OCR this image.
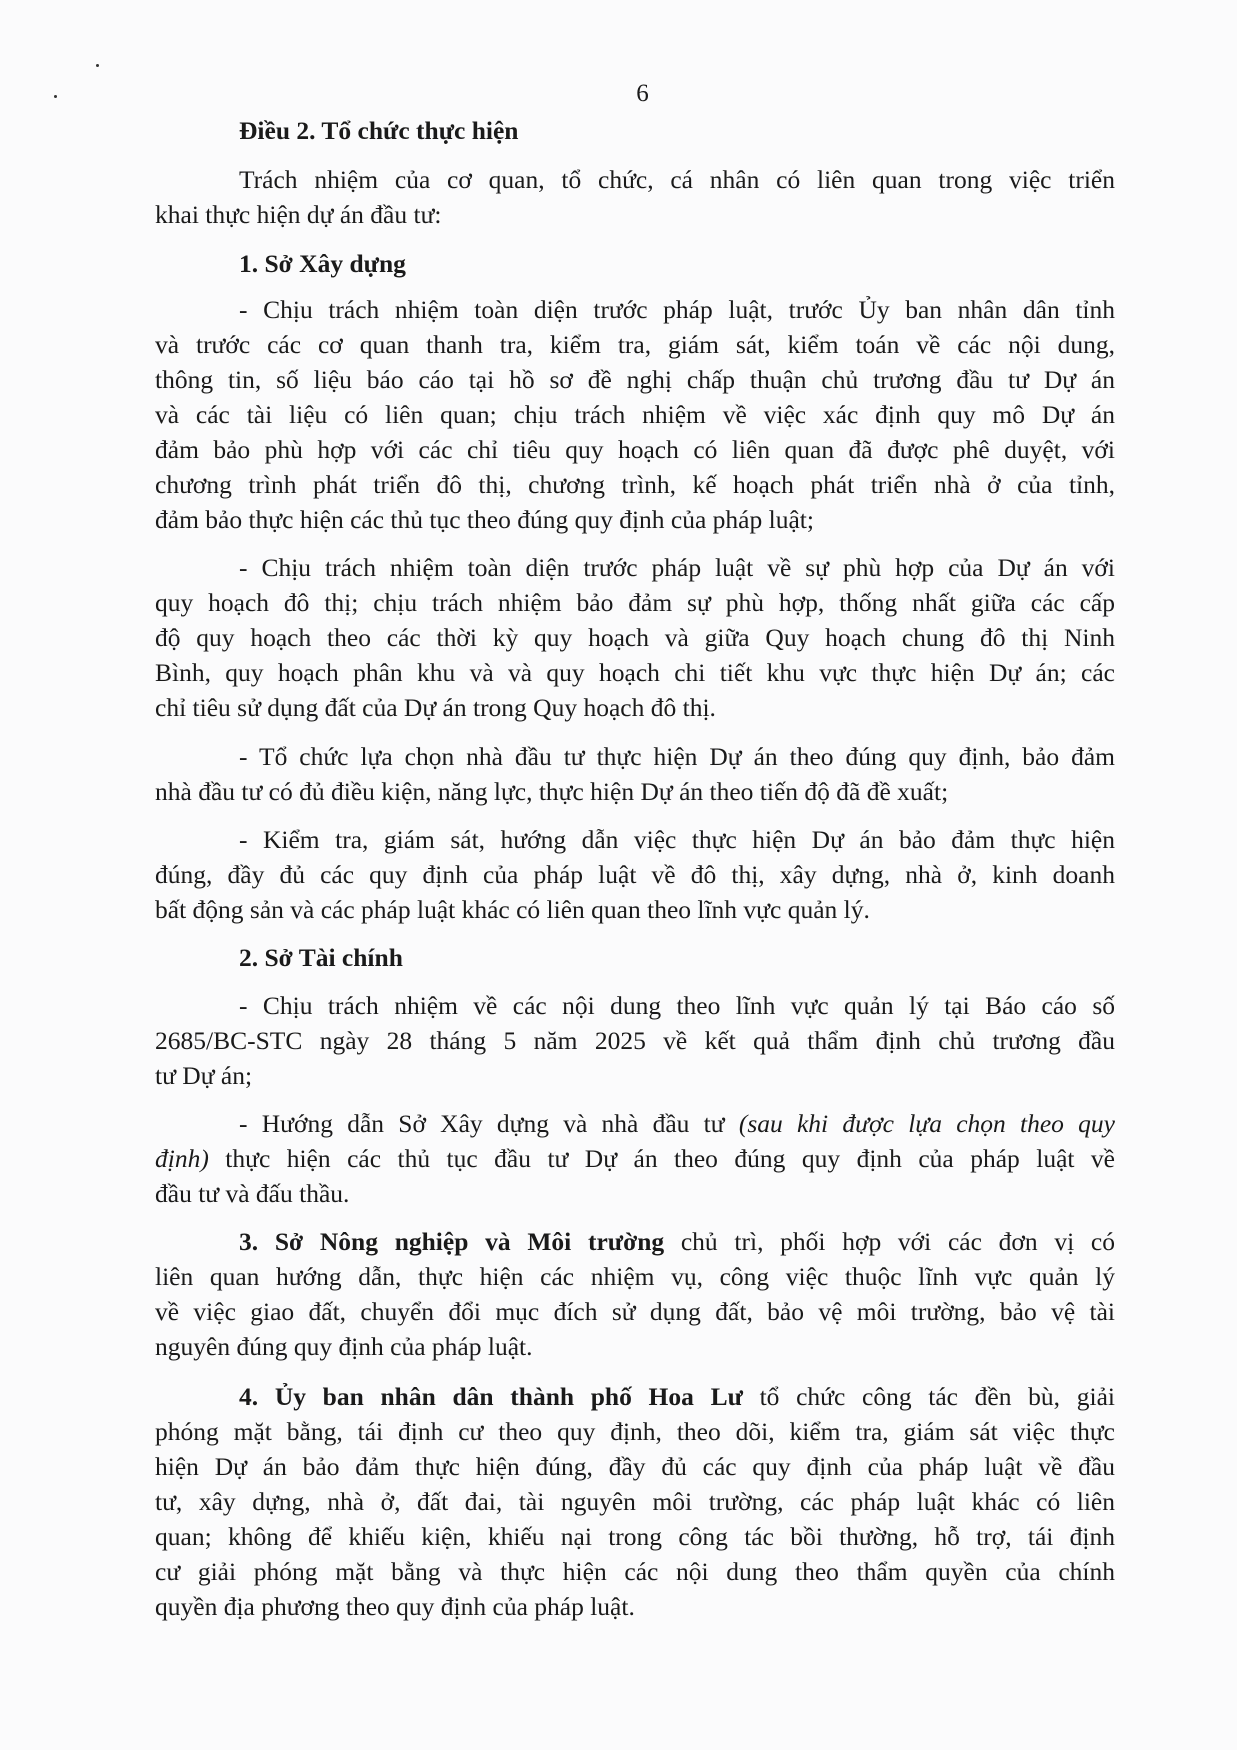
6
Điều 2. Tổ chức thực hiện
Trách nhiệm của cơ quan, tổ chức, cá nhân có liên quan trong việc triển
khai thực hiện dự án đầu tư:
1. Sở Xây dựng
- Chịu trách nhiệm toàn diện trước pháp luật, trước Ủy ban nhân dân tỉnh
và trước các cơ quan thanh tra, kiểm tra, giám sát, kiểm toán về các nội dung,
thông tin, số liệu báo cáo tại hồ sơ đề nghị chấp thuận chủ trương đầu tư Dự án
và các tài liệu có liên quan; chịu trách nhiệm về việc xác định quy mô Dự án
đảm bảo phù hợp với các chỉ tiêu quy hoạch có liên quan đã được phê duyệt, với
chương trình phát triển đô thị, chương trình, kế hoạch phát triển nhà ở của tỉnh,
đảm bảo thực hiện các thủ tục theo đúng quy định của pháp luật;
- Chịu trách nhiệm toàn diện trước pháp luật về sự phù hợp của Dự án với
quy hoạch đô thị; chịu trách nhiệm bảo đảm sự phù hợp, thống nhất giữa các cấp
độ quy hoạch theo các thời kỳ quy hoạch và giữa Quy hoạch chung đô thị Ninh
Bình, quy hoạch phân khu và và quy hoạch chi tiết khu vực thực hiện Dự án; các
chỉ tiêu sử dụng đất của Dự án trong Quy hoạch đô thị.
- Tổ chức lựa chọn nhà đầu tư thực hiện Dự án theo đúng quy định, bảo đảm
nhà đầu tư có đủ điều kiện, năng lực, thực hiện Dự án theo tiến độ đã đề xuất;
- Kiểm tra, giám sát, hướng dẫn việc thực hiện Dự án bảo đảm thực hiện
đúng, đầy đủ các quy định của pháp luật về đô thị, xây dựng, nhà ở, kinh doanh
bất động sản và các pháp luật khác có liên quan theo lĩnh vực quản lý.
2. Sở Tài chính
- Chịu trách nhiệm về các nội dung theo lĩnh vực quản lý tại Báo cáo số
2685/BC-STC ngày 28 tháng 5 năm 2025 về kết quả thẩm định chủ trương đầu
tư Dự án;
- Hướng dẫn Sở Xây dựng và nhà đầu tư (sau khi được lựa chọn theo quy
định) thực hiện các thủ tục đầu tư Dự án theo đúng quy định của pháp luật về
đầu tư và đấu thầu.
3. Sở Nông nghiệp và Môi trường chủ trì, phối hợp với các đơn vị có
liên quan hướng dẫn, thực hiện các nhiệm vụ, công việc thuộc lĩnh vực quản lý
về việc giao đất, chuyển đổi mục đích sử dụng đất, bảo vệ môi trường, bảo vệ tài
nguyên đúng quy định của pháp luật.
4. Ủy ban nhân dân thành phố Hoa Lư tổ chức công tác đền bù, giải
phóng mặt bằng, tái định cư theo quy định, theo dõi, kiểm tra, giám sát việc thực
hiện Dự án bảo đảm thực hiện đúng, đầy đủ các quy định của pháp luật về đầu
tư, xây dựng, nhà ở, đất đai, tài nguyên môi trường, các pháp luật khác có liên
quan; không để khiếu kiện, khiếu nại trong công tác bồi thường, hỗ trợ, tái định
cư giải phóng mặt bằng và thực hiện các nội dung theo thẩm quyền của chính
quyền địa phương theo quy định của pháp luật.
